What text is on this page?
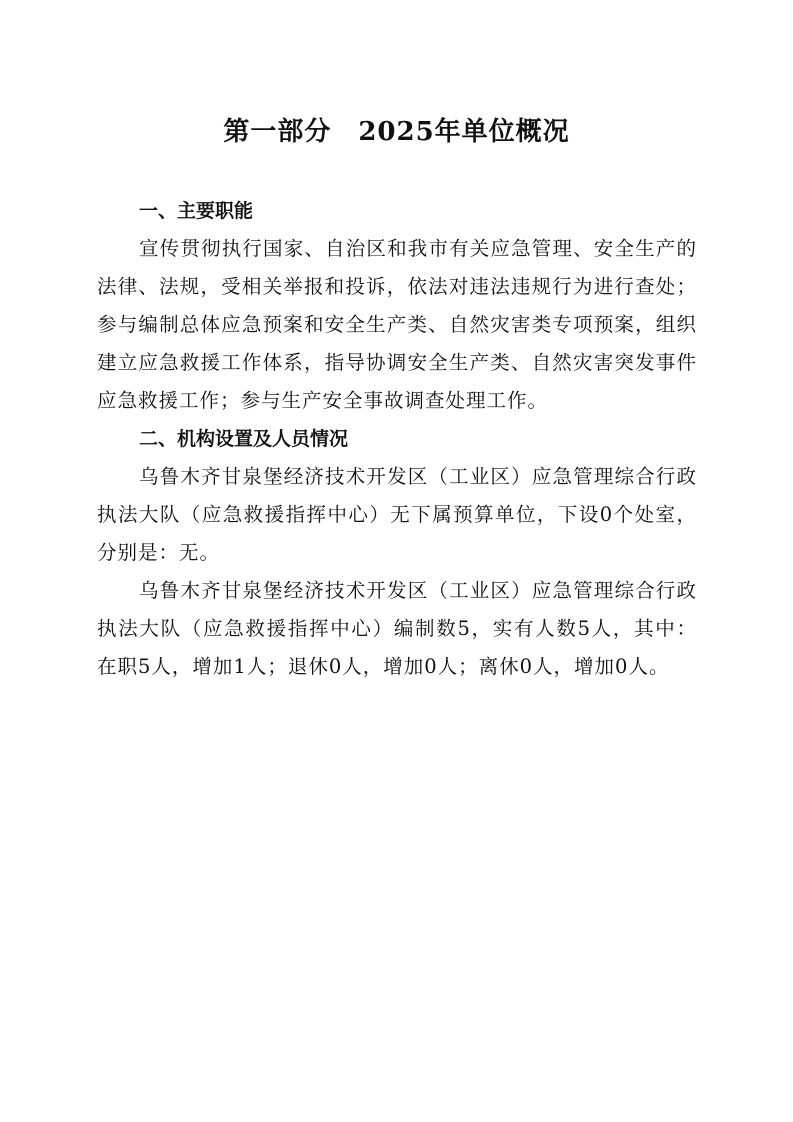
第一部分　2025年单位概况
一、主要职能

宣传贯彻执行国家、自治区和我市有关应急管理、安全生产的法律、法规，受相关举报和投诉，依法对违法违规行为进行查处；参与编制总体应急预案和安全生产类、自然灾害类专项预案，组织建立应急救援工作体系，指导协调安全生产类、自然灾害突发事件应急救援工作；参与生产安全事故调查处理工作。

二、机构设置及人员情况

乌鲁木齐甘泉堡经济技术开发区（工业区）应急管理综合行政执法大队（应急救援指挥中心）无下属预算单位，下设0个处室，分别是：无。

乌鲁木齐甘泉堡经济技术开发区（工业区）应急管理综合行政执法大队（应急救援指挥中心）编制数5，实有人数5人，其中：在职5人，增加1人；退休0人，增加0人；离休0人，增加0人。
